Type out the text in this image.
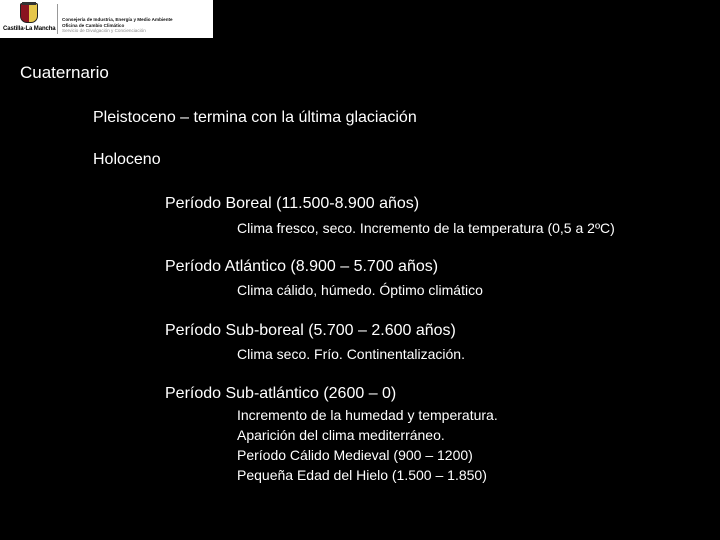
Castilla-La Mancha
Consejería de Industria, Energía y Medio Ambiente
Oficina de Cambio Climático
Servicio de Divulgación y Concienciación
Cuaternario
Pleistoceno – termina con la última glaciación
Holoceno
Período Boreal (11.500-8.900 años)
Clima fresco, seco. Incremento de la temperatura (0,5 a 2ºC)
Período Atlántico (8.900 – 5.700 años)
Clima cálido, húmedo. Óptimo climático
Período Sub-boreal (5.700 – 2.600 años)
Clima seco. Frío. Continentalización.
Período Sub-atlántico (2600 – 0)
Incremento de la humedad y temperatura.
Aparición del clima mediterráneo.
Período Cálido Medieval (900 – 1200)
Pequeña Edad del Hielo (1.500 – 1.850)
